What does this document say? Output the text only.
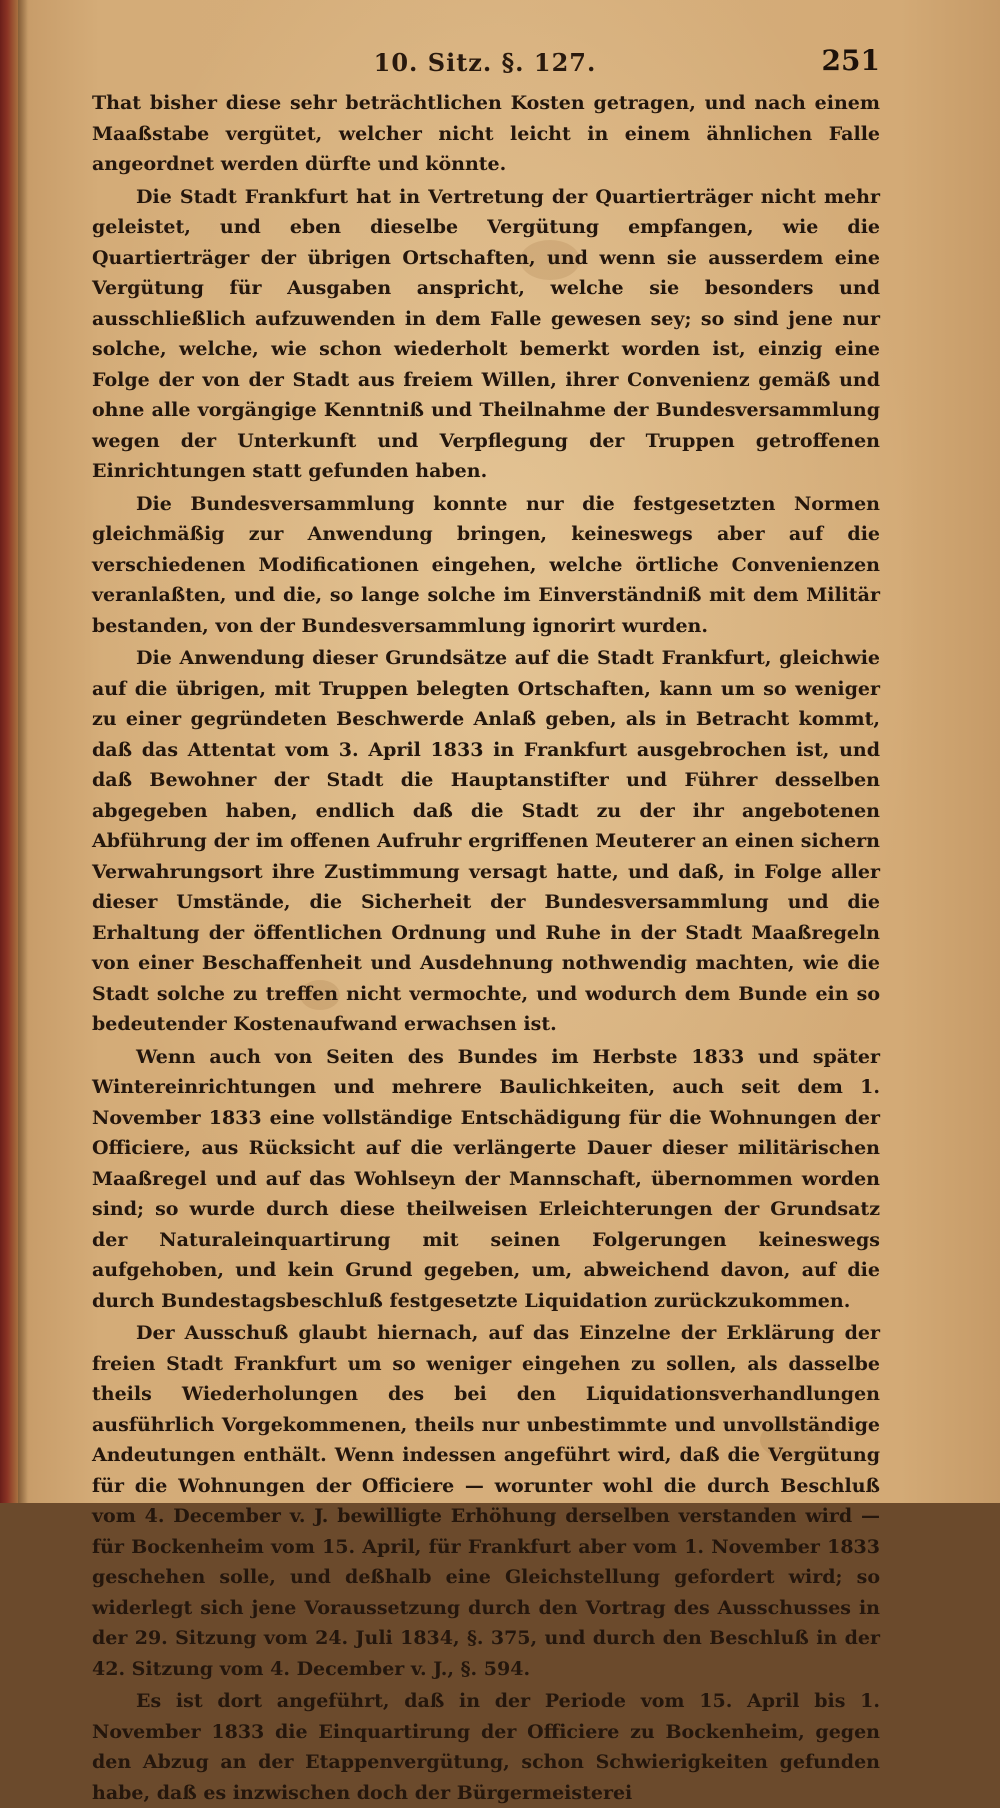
10. Sitz. §. 127.	251

That bisher diese sehr beträchtlichen Kosten getragen, und nach einem Maaßstabe vergütet, welcher nicht leicht in einem ähnlichen Falle angeordnet werden dürfte und könnte.

Die Stadt Frankfurt hat in Vertretung der Quartierträger nicht mehr geleistet, und eben dieselbe Vergütung empfangen, wie die Quartierträger der übrigen Ortschaften, und wenn sie ausserdem eine Vergütung für Ausgaben anspricht, welche sie besonders und ausschließlich aufzuwenden in dem Falle gewesen sey; so sind jene nur solche, welche, wie schon wiederholt bemerkt worden ist, einzig eine Folge der von der Stadt aus freiem Willen, ihrer Convenienz gemäß und ohne alle vorgängige Kenntniß und Theilnahme der Bundesversammlung wegen der Unterkunft und Verpflegung der Truppen getroffenen Einrichtungen statt gefunden haben.

Die Bundesversammlung konnte nur die festgesetzten Normen gleichmäßig zur Anwendung bringen, keineswegs aber auf die verschiedenen Modificationen eingehen, welche örtliche Convenienzen veranlaßten, und die, so lange solche im Einverständniß mit dem Militär bestanden, von der Bundesversammlung ignorirt wurden.

Die Anwendung dieser Grundsätze auf die Stadt Frankfurt, gleichwie auf die übrigen, mit Truppen belegten Ortschaften, kann um so weniger zu einer gegründeten Beschwerde Anlaß geben, als in Betracht kommt, daß das Attentat vom 3. April 1833 in Frankfurt ausgebrochen ist, und daß Bewohner der Stadt die Hauptanstifter und Führer desselben abgegeben haben, endlich daß die Stadt zu der ihr angebotenen Abführung der im offenen Aufruhr ergriffenen Meuterer an einen sichern Verwahrungsort ihre Zustimmung versagt hatte, und daß, in Folge aller dieser Umstände, die Sicherheit der Bundesversammlung und die Erhaltung der öffentlichen Ordnung und Ruhe in der Stadt Maaßregeln von einer Beschaffenheit und Ausdehnung nothwendig machten, wie die Stadt solche zu treffen nicht vermochte, und wodurch dem Bunde ein so bedeutender Kostenaufwand erwachsen ist.

Wenn auch von Seiten des Bundes im Herbste 1833 und später Wintereinrichtungen und mehrere Baulichkeiten, auch seit dem 1. November 1833 eine vollständige Entschädigung für die Wohnungen der Officiere, aus Rücksicht auf die verlängerte Dauer dieser militärischen Maaßregel und auf das Wohlseyn der Mannschaft, übernommen worden sind; so wurde durch diese theilweisen Erleichterungen der Grundsatz der Naturaleinquartirung mit seinen Folgerungen keineswegs aufgehoben, und kein Grund gegeben, um, abweichend davon, auf die durch Bundestagsbeschluß festgesetzte Liquidation zurückzukommen.

Der Ausschuß glaubt hiernach, auf das Einzelne der Erklärung der freien Stadt Frankfurt um so weniger eingehen zu sollen, als dasselbe theils Wiederholungen des bei den Liquidationsverhandlungen ausführlich Vorgekommenen, theils nur unbestimmte und unvollständige Andeutungen enthält. Wenn indessen angeführt wird, daß die Vergütung für die Wohnungen der Officiere — worunter wohl die durch Beschluß vom 4. December v. J. bewilligte Erhöhung derselben verstanden wird — für Bockenheim vom 15. April, für Frankfurt aber vom 1. November 1833 geschehen solle, und deßhalb eine Gleichstellung gefordert wird; so widerlegt sich jene Voraussetzung durch den Vortrag des Ausschusses in der 29. Sitzung vom 24. Juli 1834, §. 375, und durch den Beschluß in der 42. Sitzung vom 4. December v. J., §. 594.

Es ist dort angeführt, daß in der Periode vom 15. April bis 1. November 1833 die Einquartirung der Officiere zu Bockenheim, gegen den Abzug an der Etappenvergütung, schon Schwierigkeiten gefunden habe, daß es inzwischen doch der Bürgermeisterei
